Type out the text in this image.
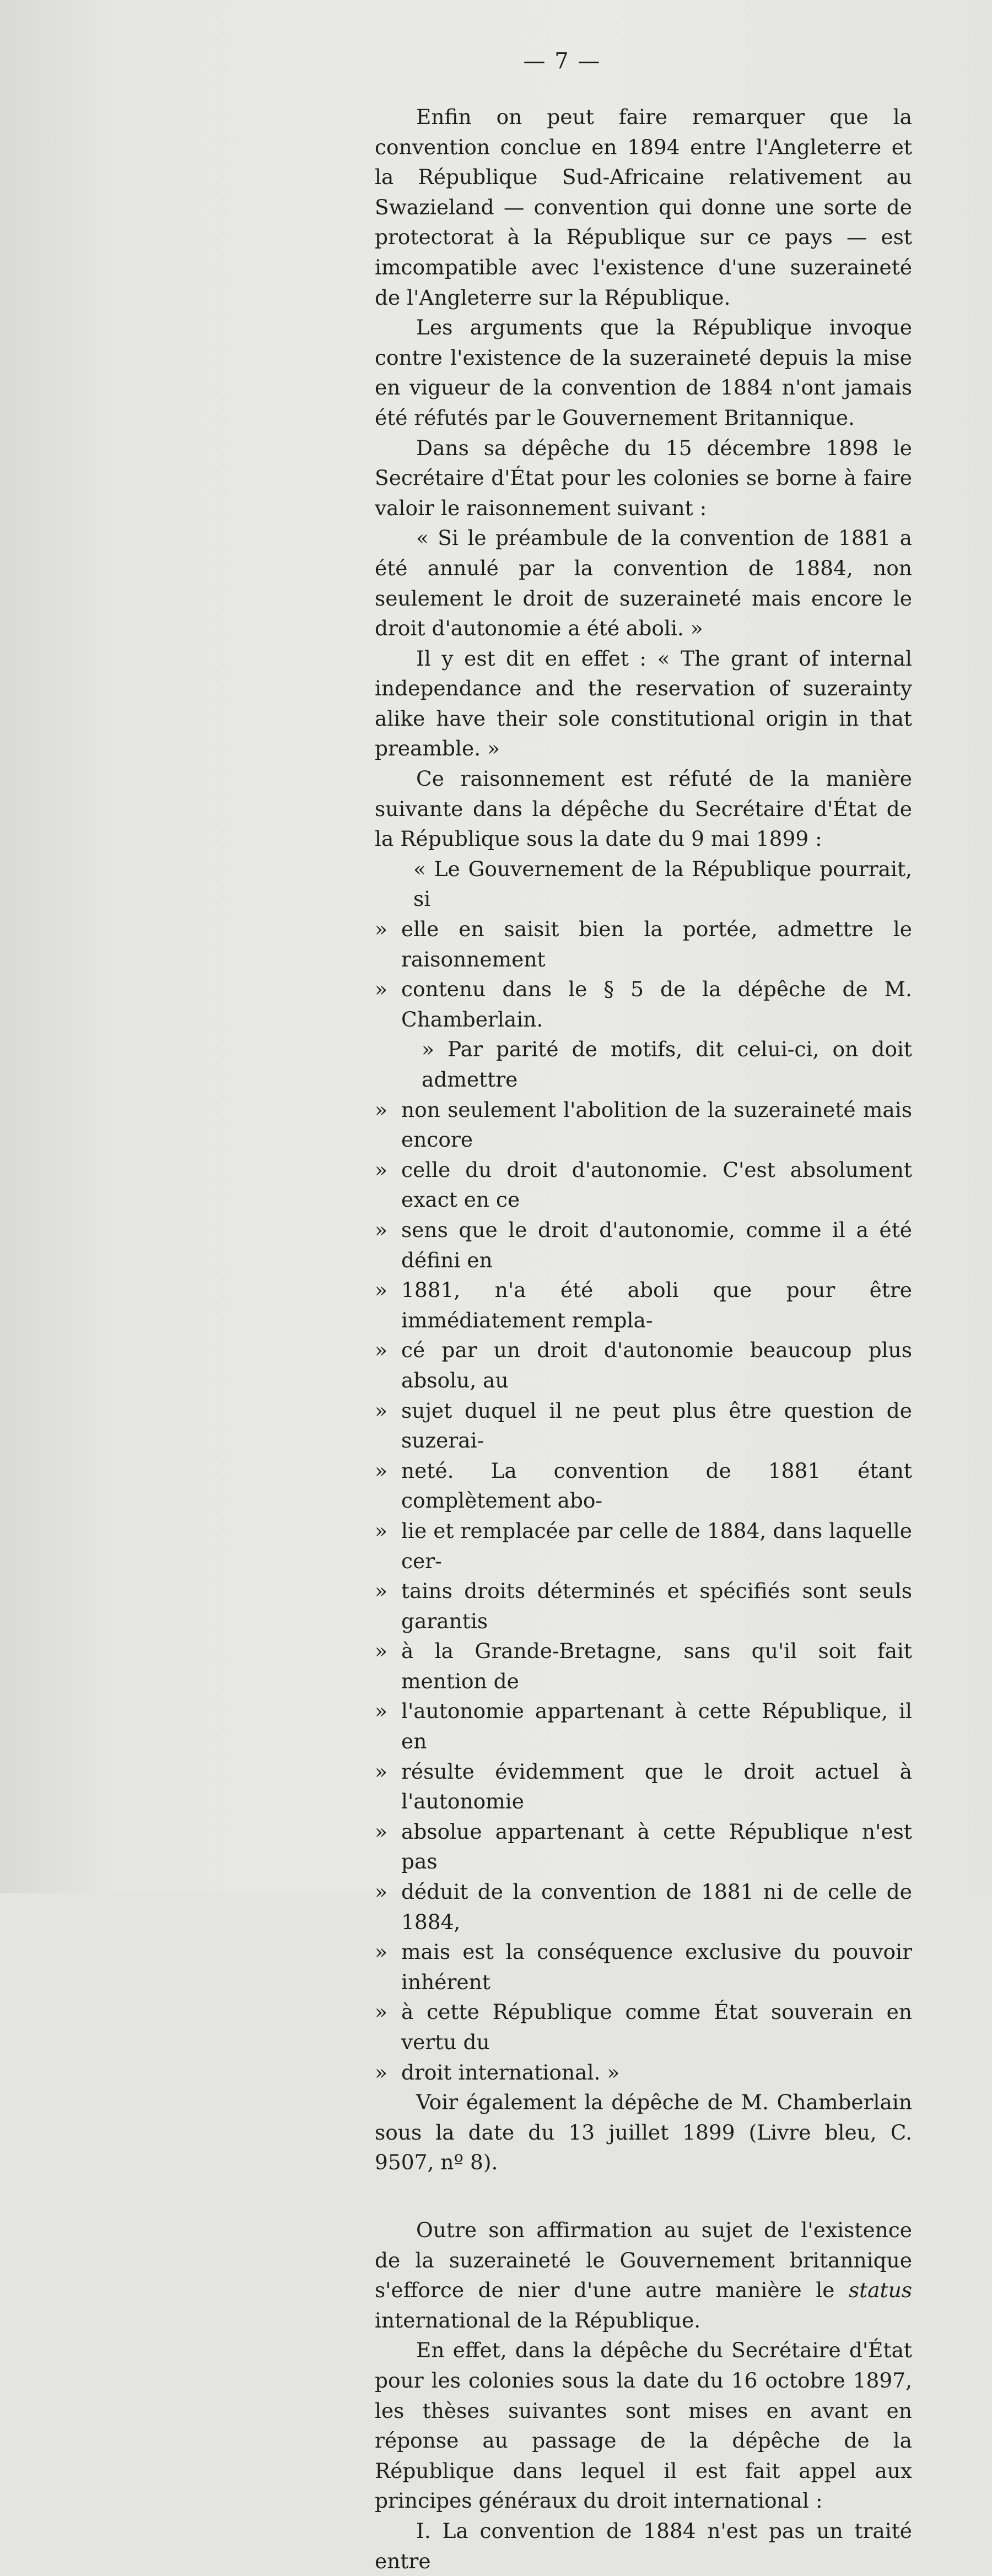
— 7 —

Enfin on peut faire remarquer que la convention conclue en 1894 entre l'Angleterre et la République Sud-Africaine relativement au Swazieland — convention qui donne une sorte de protectorat à la République sur ce pays — est imcompatible avec l'existence d'une suzeraineté de l'Angleterre sur la République.

Les arguments que la République invoque contre l'existence de la suzeraineté depuis la mise en vigueur de la convention de 1884 n'ont jamais été réfutés par le Gouvernement Britannique.

Dans sa dépêche du 15 décembre 1898 le Secrétaire d'État pour les colonies se borne à faire valoir le raisonnement suivant :

« Si le préambule de la convention de 1881 a été annulé par la convention de 1884, non seulement le droit de suzeraineté mais encore le droit d'autonomie a été aboli. »

Il y est dit en effet : « The grant of internal independance and the reservation of suzerainty alike have their sole constitutional origin in that preamble. »

Ce raisonnement est réfuté de la manière suivante dans la dépêche du Secrétaire d'État de la République sous la date du 9 mai 1899 :

« Le Gouvernement de la République pourrait, si

» elle en saisit bien la portée, admettre le raisonnement

» contenu dans le § 5 de la dépêche de M. Chamberlain.

» Par parité de motifs, dit celui-ci, on doit admettre

» non seulement l'abolition de la suzeraineté mais encore

» celle du droit d'autonomie. C'est absolument exact en ce

» sens que le droit d'autonomie, comme il a été défini en

» 1881, n'a été aboli que pour être immédiatement rempla-

» cé par un droit d'autonomie beaucoup plus absolu, au

» sujet duquel il ne peut plus être question de suzerai-

» neté. La convention de 1881 étant complètement abo-

» lie et remplacée par celle de 1884, dans laquelle cer-

» tains droits déterminés et spécifiés sont seuls garantis

» à la Grande-Bretagne, sans qu'il soit fait mention de

» l'autonomie appartenant à cette République, il en

» résulte évidemment que le droit actuel à l'autonomie

» absolue appartenant à cette République n'est pas

» déduit de la convention de 1881 ni de celle de 1884,

» mais est la conséquence exclusive du pouvoir inhérent

» à cette République comme État souverain en vertu du

» droit international. »

Voir également la dépêche de M. Chamberlain sous la date du 13 juillet 1899 (Livre bleu, C. 9507, nº 8).

Outre son affirmation au sujet de l'existence de la suzeraineté le Gouvernement britannique s'efforce de nier d'une autre manière le status international de la République.

En effet, dans la dépêche du Secrétaire d'État pour les colonies sous la date du 16 octobre 1897, les thèses suivantes sont mises en avant en réponse au passage de la dépêche de la République dans lequel il est fait appel aux principes généraux du droit international :

I. La convention de 1884 n'est pas un traité entre
